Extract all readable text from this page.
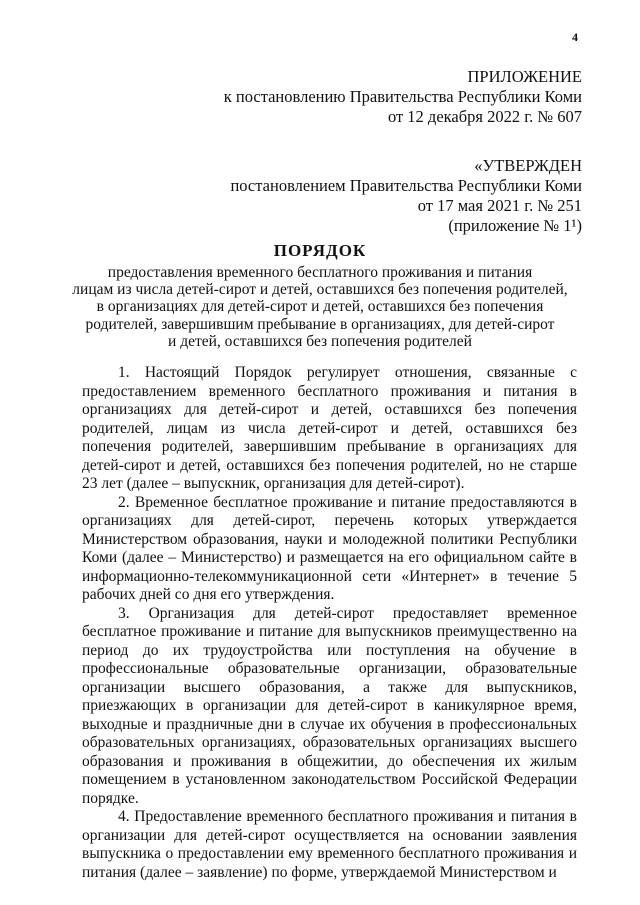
4
ПРИЛОЖЕНИЕ
к постановлению Правительства Республики Коми
от 12 декабря 2022 г. № 607
«УТВЕРЖДЕН
постановлением Правительства Республики Коми
от 17 мая 2021 г. № 251
(приложение № 1¹)
ПОРЯДОК
предоставления временного бесплатного проживания и питания
лицам из числа детей-сирот и детей, оставшихся без попечения родителей,
в организациях для детей-сирот и детей, оставшихся без попечения
родителей, завершившим пребывание в организациях, для детей-сирот
и детей, оставшихся без попечения родителей

1. Настоящий Порядок регулирует отношения, связанные с предоставлением временного бесплатного проживания и питания в организациях для детей-сирот и детей, оставшихся без попечения родителей, лицам из числа детей-сирот и детей, оставшихся без попечения родителей, завершившим пребывание в организациях для детей-сирот и детей, оставшихся без попечения родителей, но не старше 23 лет (далее – выпускник, организация для детей-сирот).

2. Временное бесплатное проживание и питание предоставляются в организациях для детей-сирот, перечень которых утверждается Министерством образования, науки и молодежной политики Республики Коми (далее – Министерство) и размещается на его официальном сайте в информационно-телекоммуникационной сети «Интернет» в течение 5 рабочих дней со дня его утверждения.

3. Организация для детей-сирот предоставляет временное бесплатное проживание и питание для выпускников преимущественно на период до их трудоустройства или поступления на обучение в профессиональные образовательные организации, образовательные организации высшего образования, а также для выпускников, приезжающих в организации для детей-сирот в каникулярное время, выходные и праздничные дни в случае их обучения в профессиональных образовательных организациях, образовательных организациях высшего образования и проживания в общежитии, до обеспечения их жилым помещением в установленном законодательством Российской Федерации порядке.

4. Предоставление временного бесплатного проживания и питания в организации для детей-сирот осуществляется на основании заявления выпускника о предоставлении ему временного бесплатного проживания и питания (далее – заявление) по форме, утверждаемой Министерством и
